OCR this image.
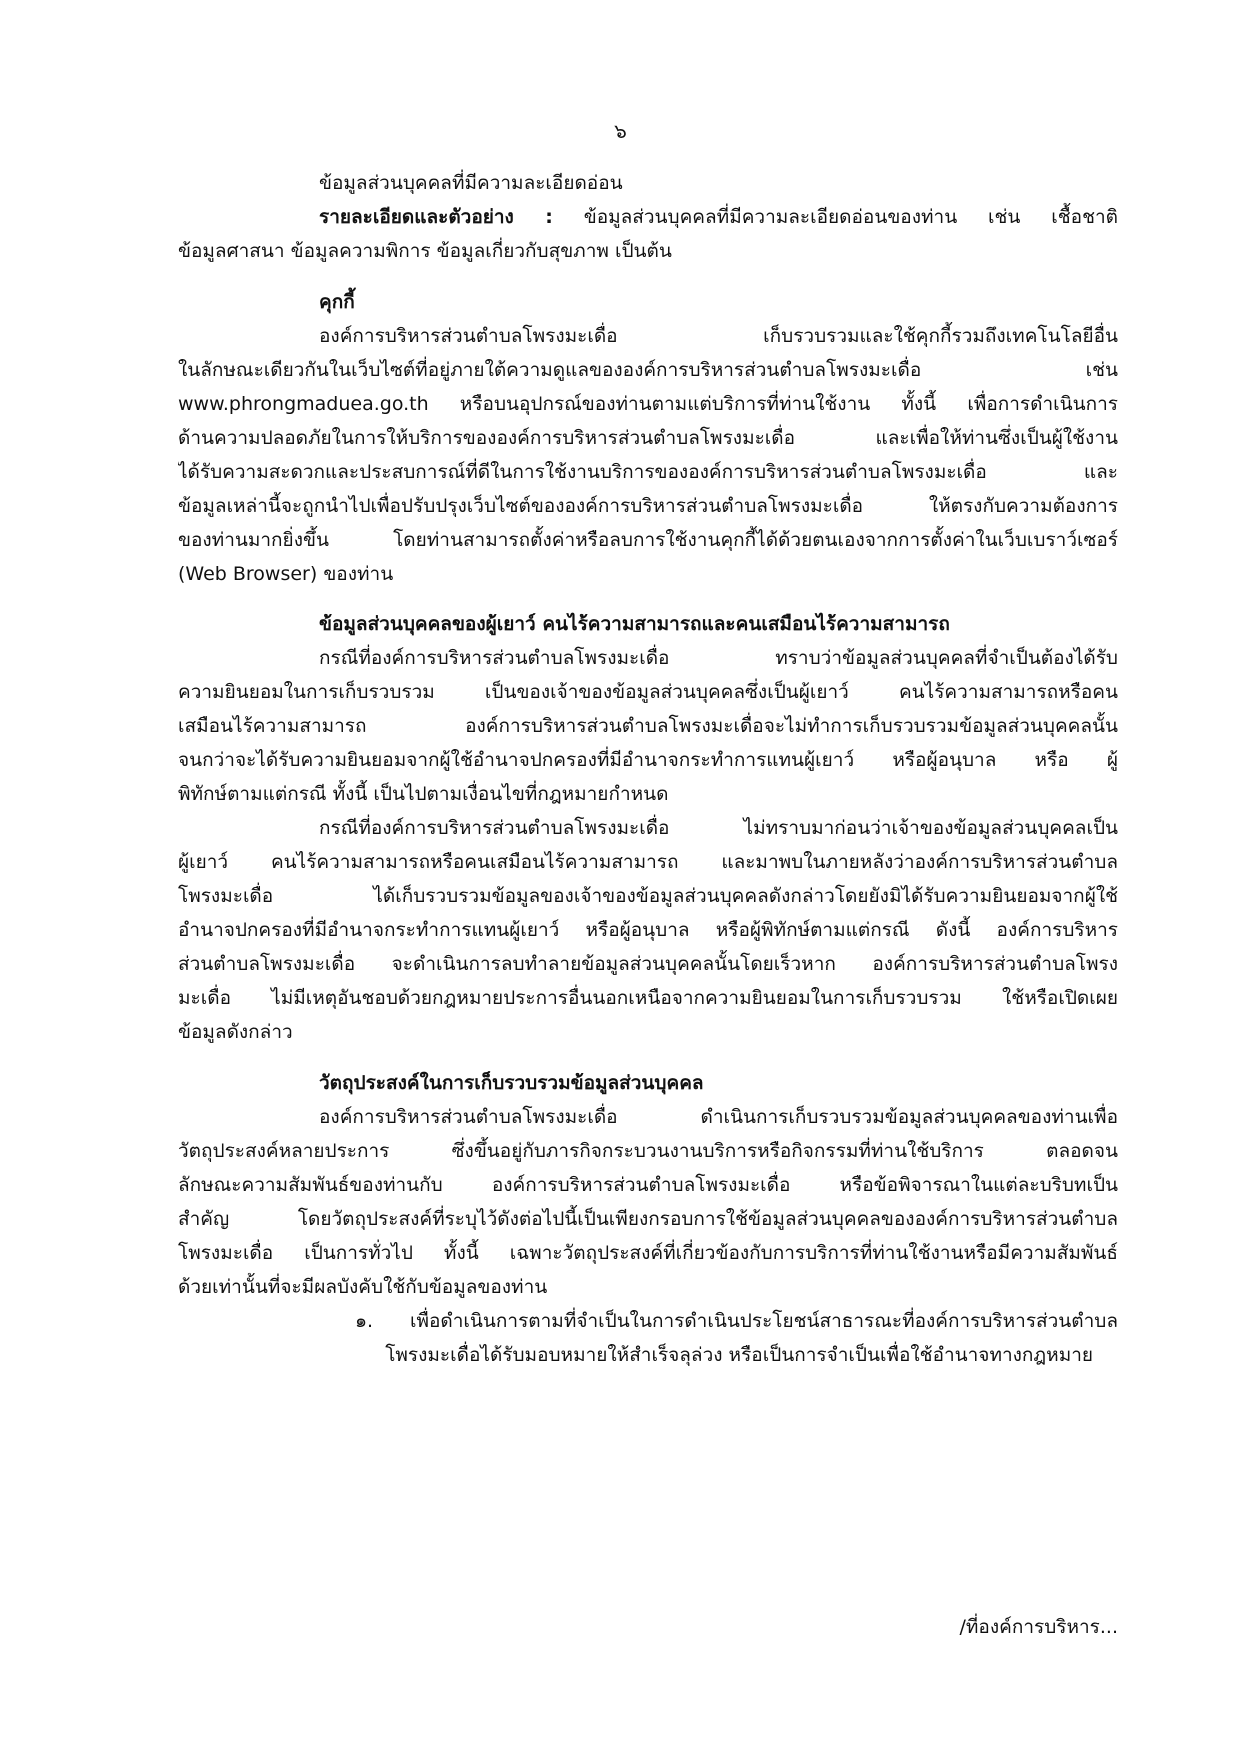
๖
ข้อมูลส่วนบุคคลที่มีความละเอียดอ่อน
รายละเอียดและตัวอย่าง : ข้อมูลส่วนบุคคลที่มีความละเอียดอ่อนของท่าน เช่น เชื้อชาติ
ข้อมูลศาสนา ข้อมูลความพิการ ข้อมูลเกี่ยวกับสุขภาพ เป็นต้น
คุกกี้
องค์การบริหารส่วนตำบลโพรงมะเดื่อ เก็บรวบรวมและใช้คุกกี้รวมถึงเทคโนโลยีอื่น
ในลักษณะเดียวกันในเว็บไซต์ที่อยู่ภายใต้ความดูแลขององค์การบริหารส่วนตำบลโพรงมะเดื่อ เช่น
www.phrongmaduea.go.th หรือบนอุปกรณ์ของท่านตามแต่บริการที่ท่านใช้งาน ทั้งนี้ เพื่อการดำเนินการ
ด้านความปลอดภัยในการให้บริการขององค์การบริหารส่วนตำบลโพรงมะเดื่อ และเพื่อให้ท่านซึ่งเป็นผู้ใช้งาน
ได้รับความสะดวกและประสบการณ์ที่ดีในการใช้งานบริการขององค์การบริหารส่วนตำบลโพรงมะเดื่อ และ
ข้อมูลเหล่านี้จะถูกนำไปเพื่อปรับปรุงเว็บไซต์ขององค์การบริหารส่วนตำบลโพรงมะเดื่อ ให้ตรงกับความต้องการ
ของท่านมากยิ่งขึ้น โดยท่านสามารถตั้งค่าหรือลบการใช้งานคุกกี้ได้ด้วยตนเองจากการตั้งค่าในเว็บเบราว์เซอร์
(Web Browser) ของท่าน
ข้อมูลส่วนบุคคลของผู้เยาว์ คนไร้ความสามารถและคนเสมือนไร้ความสามารถ
กรณีที่องค์การบริหารส่วนตำบลโพรงมะเดื่อ ทราบว่าข้อมูลส่วนบุคคลที่จำเป็นต้องได้รับ
ความยินยอมในการเก็บรวบรวม เป็นของเจ้าของข้อมูลส่วนบุคคลซึ่งเป็นผู้เยาว์ คนไร้ความสามารถหรือคน
เสมือนไร้ความสามารถ องค์การบริหารส่วนตำบลโพรงมะเดื่อจะไม่ทำการเก็บรวบรวมข้อมูลส่วนบุคคลนั้น
จนกว่าจะได้รับความยินยอมจากผู้ใช้อำนาจปกครองที่มีอำนาจกระทำการแทนผู้เยาว์ หรือผู้อนุบาล หรือ ผู้
พิทักษ์ตามแต่กรณี ทั้งนี้ เป็นไปตามเงื่อนไขที่กฎหมายกำหนด
กรณีที่องค์การบริหารส่วนตำบลโพรงมะเดื่อ ไม่ทราบมาก่อนว่าเจ้าของข้อมูลส่วนบุคคลเป็น
ผู้เยาว์ คนไร้ความสามารถหรือคนเสมือนไร้ความสามารถ และมาพบในภายหลังว่าองค์การบริหารส่วนตำบล
โพรงมะเดื่อ ได้เก็บรวบรวมข้อมูลของเจ้าของข้อมูลส่วนบุคคลดังกล่าวโดยยังมิได้รับความยินยอมจากผู้ใช้
อำนาจปกครองที่มีอำนาจกระทำการแทนผู้เยาว์ หรือผู้อนุบาล หรือผู้พิทักษ์ตามแต่กรณี ดังนี้ องค์การบริหาร
ส่วนตำบลโพรงมะเดื่อ จะดำเนินการลบทำลายข้อมูลส่วนบุคคลนั้นโดยเร็วหาก องค์การบริหารส่วนตำบลโพรง
มะเดื่อ ไม่มีเหตุอันชอบด้วยกฎหมายประการอื่นนอกเหนือจากความยินยอมในการเก็บรวบรวม ใช้หรือเปิดเผย
ข้อมูลดังกล่าว
วัตถุประสงค์ในการเก็บรวบรวมข้อมูลส่วนบุคคล
องค์การบริหารส่วนตำบลโพรงมะเดื่อ ดำเนินการเก็บรวบรวมข้อมูลส่วนบุคคลของท่านเพื่อ
วัตถุประสงค์หลายประการ ซึ่งขึ้นอยู่กับภารกิจกระบวนงานบริการหรือกิจกรรมที่ท่านใช้บริการ ตลอดจน
ลักษณะความสัมพันธ์ของท่านกับ องค์การบริหารส่วนตำบลโพรงมะเดื่อ หรือข้อพิจารณาในแต่ละบริบทเป็น
สำคัญ โดยวัตถุประสงค์ที่ระบุไว้ดังต่อไปนี้เป็นเพียงกรอบการใช้ข้อมูลส่วนบุคคลขององค์การบริหารส่วนตำบล
โพรงมะเดื่อ เป็นการทั่วไป ทั้งนี้ เฉพาะวัตถุประสงค์ที่เกี่ยวข้องกับการบริการที่ท่านใช้งานหรือมีความสัมพันธ์
ด้วยเท่านั้นที่จะมีผลบังคับใช้กับข้อมูลของท่าน
๑. เพื่อดำเนินการตามที่จำเป็นในการดำเนินประโยชน์สาธารณะที่องค์การบริหารส่วนตำบล
โพรงมะเดื่อได้รับมอบหมายให้สำเร็จลุล่วง หรือเป็นการจำเป็นเพื่อใช้อำนาจทางกฎหมาย
/ที่องค์การบริหาร...
